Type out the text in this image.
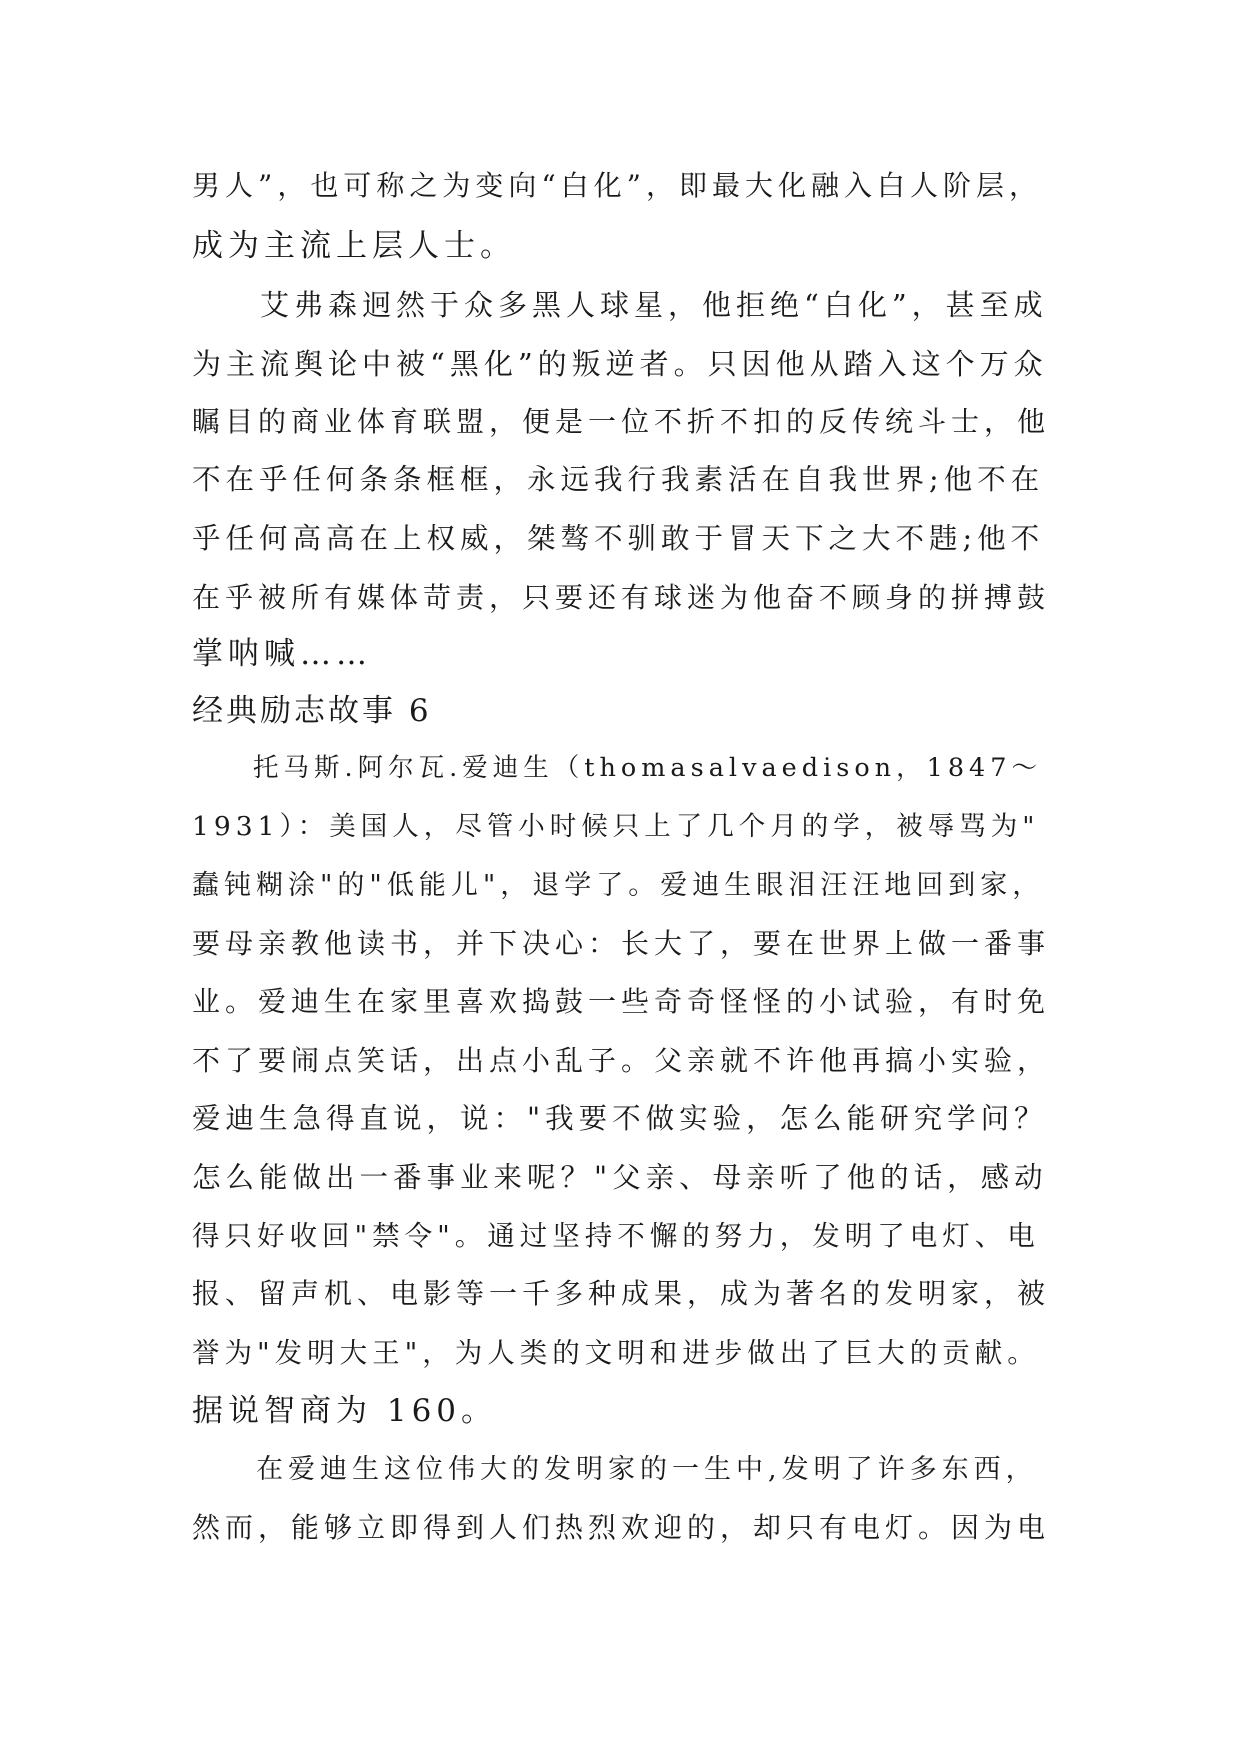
男人”，也可称之为变向“白化”，即最大化融入白人阶层，
成为主流上层人士。
　　艾弗森迥然于众多黑人球星，他拒绝“白化”，甚至成
为主流舆论中被“黑化”的叛逆者。只因他从踏入这个万众
瞩目的商业体育联盟，便是一位不折不扣的反传统斗士，他
不在乎任何条条框框，永远我行我素活在自我世界;他不在
乎任何高高在上权威，桀骜不驯敢于冒天下之大不韪;他不
在乎被所有媒体苛责，只要还有球迷为他奋不顾身的拼搏鼓
掌呐喊……
经典励志故事 6
　　托马斯.阿尔瓦.爱迪生（thomasalvaedison，1847～
1931）：美国人，尽管小时候只上了几个月的学，被辱骂为"
蠢钝糊涂"的"低能儿"，退学了。爱迪生眼泪汪汪地回到家，
要母亲教他读书，并下决心：长大了，要在世界上做一番事
业。爱迪生在家里喜欢捣鼓一些奇奇怪怪的小试验，有时免
不了要闹点笑话，出点小乱子。父亲就不许他再搞小实验，
爱迪生急得直说，说："我要不做实验，怎么能研究学问？
怎么能做出一番事业来呢？"父亲、母亲听了他的话，感动
得只好收回"禁令"。通过坚持不懈的努力，发明了电灯、电
报、留声机、电影等一千多种成果，成为著名的发明家，被
誉为"发明大王"，为人类的文明和进步做出了巨大的贡献。
据说智商为 160。
　　在爱迪生这位伟大的发明家的一生中,发明了许多东西，
然而，能够立即得到人们热烈欢迎的，却只有电灯。因为电
